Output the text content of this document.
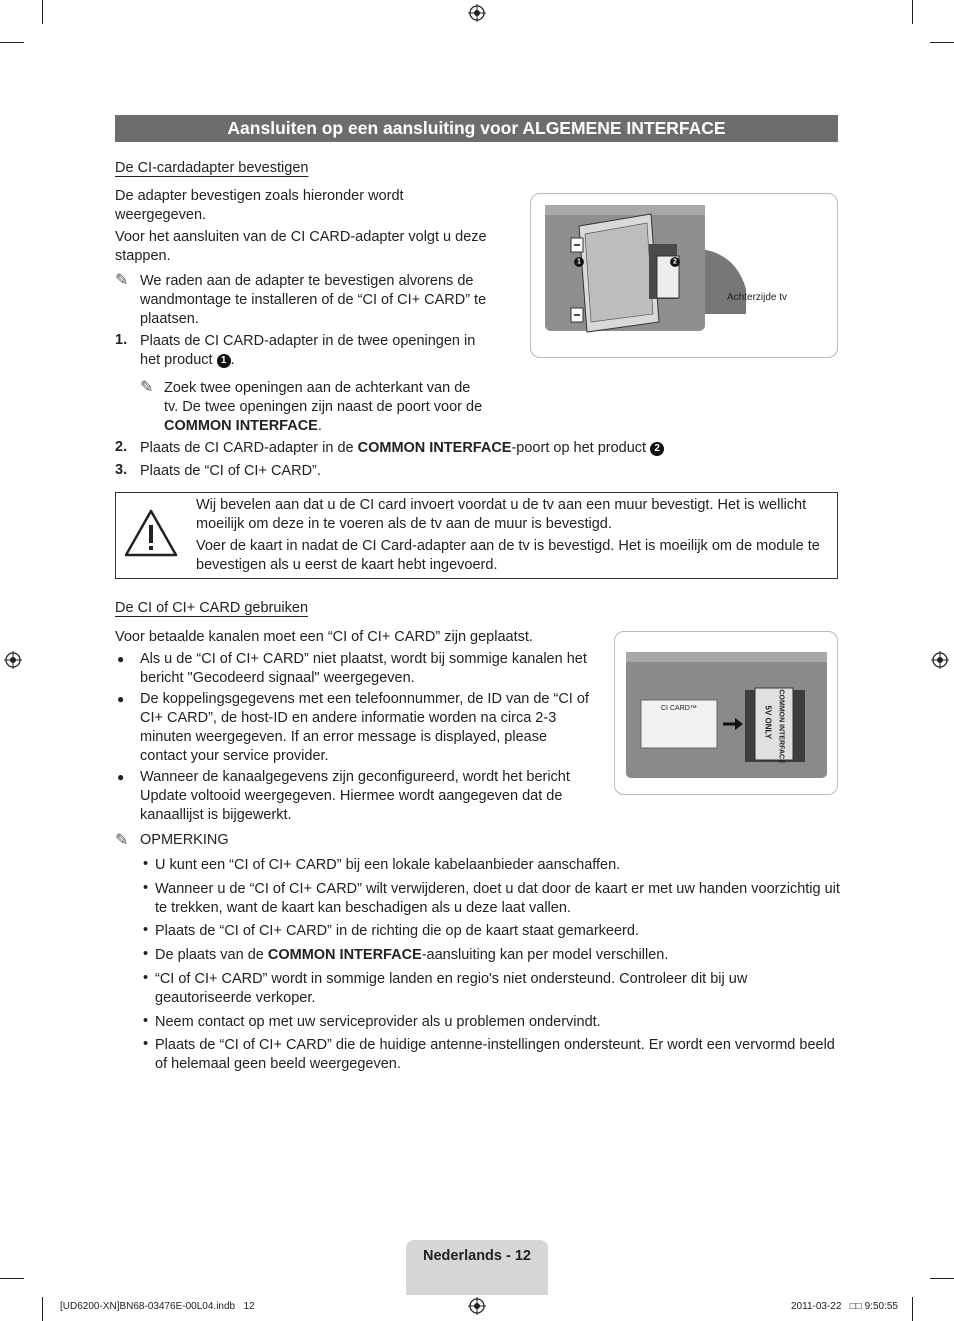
Aansluiten op een aansluiting voor ALGEMENE INTERFACE
De CI-cardadapter bevestigen
De adapter bevestigen zoals hieronder wordt weergegeven.
Voor het aansluiten van de CI CARD-adapter volgt u deze stappen.
✎ We raden aan de adapter te bevestigen alvorens de wandmontage te installeren of de “CI of CI+ CARD” te plaatsen.
1. Plaats de CI CARD-adapter in de twee openingen in het product 1 .
✎ Zoek twee openingen aan de achterkant van de tv. De twee openingen zijn naast de poort voor de COMMON INTERFACE.
2. Plaats de CI CARD-adapter in de COMMON INTERFACE-poort op het product 2
3. Plaats de “CI of CI+ CARD”.
1	2
Achterzijde tv
Wij bevelen aan dat u de CI card invoert voordat u de tv aan een muur bevestigt. Het is wellicht moeilijk om deze in te voeren als de tv aan de muur is bevestigd.
Voer de kaart in nadat de CI Card-adapter aan de tv is bevestigd. Het is moeilijk om de module te bevestigen als u eerst de kaart hebt ingevoerd.
De CI of CI+ CARD gebruiken
Voor betaalde kanalen moet een “CI of CI+ CARD” zijn geplaatst.
● Als u de “CI of CI+ CARD” niet plaatst, wordt bij sommige kanalen het bericht "Gecodeerd signaal" weergegeven.
● De koppelingsgegevens met een telefoonnummer, de ID van de “CI of CI+ CARD”, de host-ID en andere informatie worden na circa 2-3 minuten weergegeven. If an error message is displayed, please contact your service provider.
● Wanneer de kanaalgegevens zijn geconfigureerd, wordt het bericht Update voltooid weergegeven. Hiermee wordt aangegeven dat de kanaallijst is bijgewerkt.
CI CARD™	COMMON INTERFACE
5V ONLY
✎ OPMERKING
• U kunt een “CI of CI+ CARD” bij een lokale kabelaanbieder aanschaffen.
• Wanneer u de “CI of CI+ CARD” wilt verwijderen, doet u dat door de kaart er met uw handen voorzichtig uit te trekken, want de kaart kan beschadigen als u deze laat vallen.
• Plaats de “CI of CI+ CARD” in de richting die op de kaart staat gemarkeerd.
• De plaats van de COMMON INTERFACE-aansluiting kan per model verschillen.
• “CI of CI+ CARD” wordt in sommige landen en regio's niet ondersteund. Controleer dit bij uw geautoriseerde verkoper.
• Neem contact op met uw serviceprovider als u problemen ondervindt.
• Plaats de “CI of CI+ CARD” die de huidige antenne-instellingen ondersteunt. Er wordt een vervormd beeld of helemaal geen beeld weergegeven.
Nederlands - 12
[UD6200-XN]BN68-03476E-00L04.indb   12	2011-03-22   □□ 9:50:55
